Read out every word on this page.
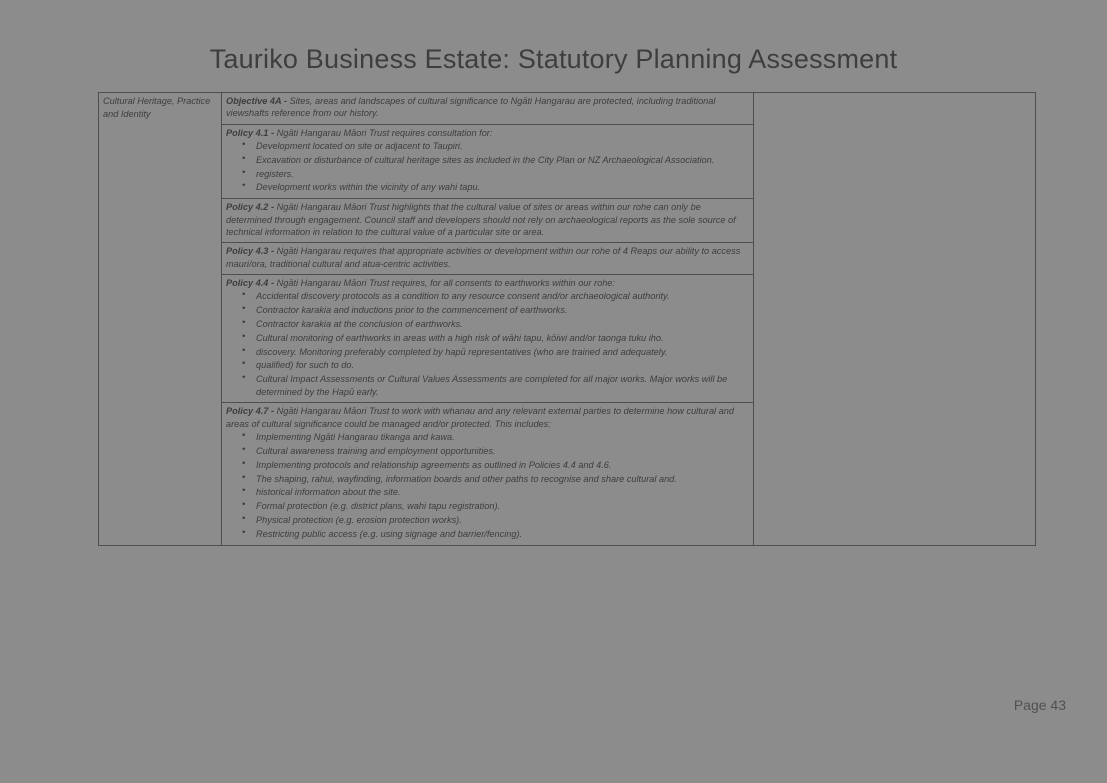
Tauriko Business Estate: Statutory Planning Assessment
Cultural Heritage, Practice and Identity

Objective 4A - Sites, areas and landscapes of cultural significance to Ngāti Hangarau are protected, including traditional viewshafts reference from our history.

Policy 4.1 - Ngāti Hangarau Māori Trust requires consultation for:

• Development located on site or adjacent to Taupiri.
• Excavation or disturbance of cultural heritage sites as included in the City Plan or NZ Archaeological Association.
• registers.
• Development works within the vicinity of any wahi tapu.

Policy 4.2 - Ngāti Hangarau Māori Trust highlights that the cultural value of sites or areas within our rohe can only be determined through engagement. Council staff and developers should not rely on archaeological reports as the sole source of technical information in relation to the cultural value of a particular site or area.

Policy 4.3 - Ngāti Hangarau requires that appropriate activities or development within our rohe of 4 Reaps our ability to access mauri/ora, traditional cultural and atua-centric activities.

Policy 4.4 - Ngāti Hangarau Māori Trust requires, for all consents to earthworks within our rohe:

• Accidental discovery protocols as a condition to any resource consent and/or archaeological authority.
• Contractor karakia and inductions prior to the commencement of earthworks.
• Contractor karakia at the conclusion of earthworks.
• Cultural monitoring of earthworks in areas with a high risk of wāhi tapu, kōiwi and/or taonga tuku iho.
• discovery. Monitoring preferably completed by hapū representatives (who are trained and adequately.
• qualified) for such to do.
• Cultural Impact Assessments or Cultural Values Assessments are completed for all major works. Major works will be determined by the Hapū early.

Policy 4.7 - Ngāti Hangarau Māori Trust to work with whanau and any relevant external parties to determine how cultural and areas of cultural significance could be managed and/or protected. This includes:

• Implementing Ngāti Hangarau tikanga and kawa.
• Cultural awareness training and employment opportunities.
• Implementing protocols and relationship agreements as outlined in Policies 4.4 and 4.6.
• The shaping, rahui, wayfinding, information boards and other paths to recognise and share cultural and.
• historical information about the site.
• Formal protection (e.g. district plans, wahi tapu registration).
• Physical protection (e.g. erosion protection works).
• Restricting public access (e.g. using signage and barrier/fencing).
Page 43
